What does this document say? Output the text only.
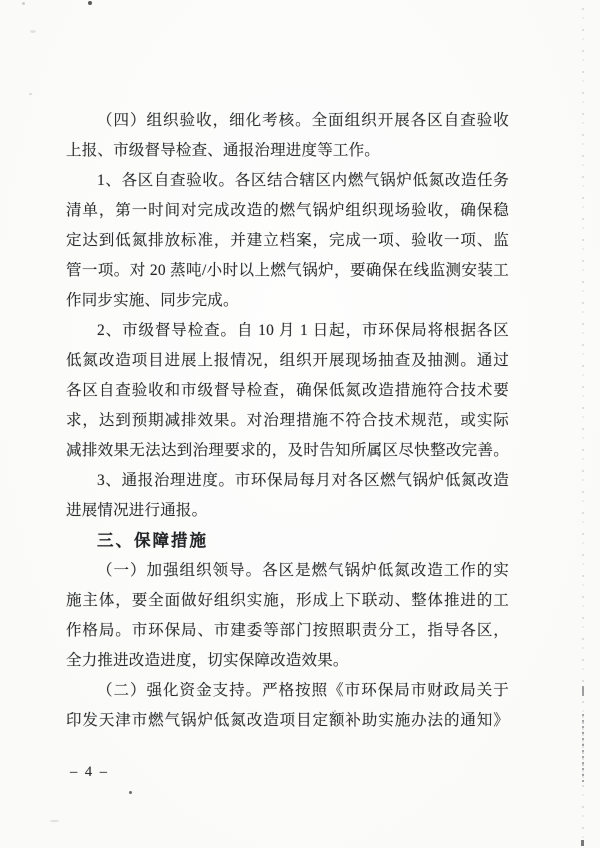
（四）组织验收，细化考核。全面组织开展各区自查验收
上报、市级督导检查、通报治理进度等工作。
1、各区自查验收。各区结合辖区内燃气锅炉低氮改造任务
清单，第一时间对完成改造的燃气锅炉组织现场验收，确保稳
定达到低氮排放标准，并建立档案，完成一项、验收一项、监
管一项。对 20 蒸吨/小时以上燃气锅炉，要确保在线监测安装工
作同步实施、同步完成。
2、市级督导检查。自 10 月 1 日起，市环保局将根据各区
低氮改造项目进展上报情况，组织开展现场抽查及抽测。通过
各区自查验收和市级督导检查，确保低氮改造措施符合技术要
求，达到预期减排效果。对治理措施不符合技术规范，或实际
减排效果无法达到治理要求的，及时告知所属区尽快整改完善。
3、通报治理进度。市环保局每月对各区燃气锅炉低氮改造
进展情况进行通报。
三、保障措施
（一）加强组织领导。各区是燃气锅炉低氮改造工作的实
施主体，要全面做好组织实施，形成上下联动、整体推进的工
作格局。市环保局、市建委等部门按照职责分工，指导各区，
全力推进改造进度，切实保障改造效果。
（二）强化资金支持。严格按照《市环保局市财政局关于
印发天津市燃气锅炉低氮改造项目定额补助实施办法的通知》
– 4 –
